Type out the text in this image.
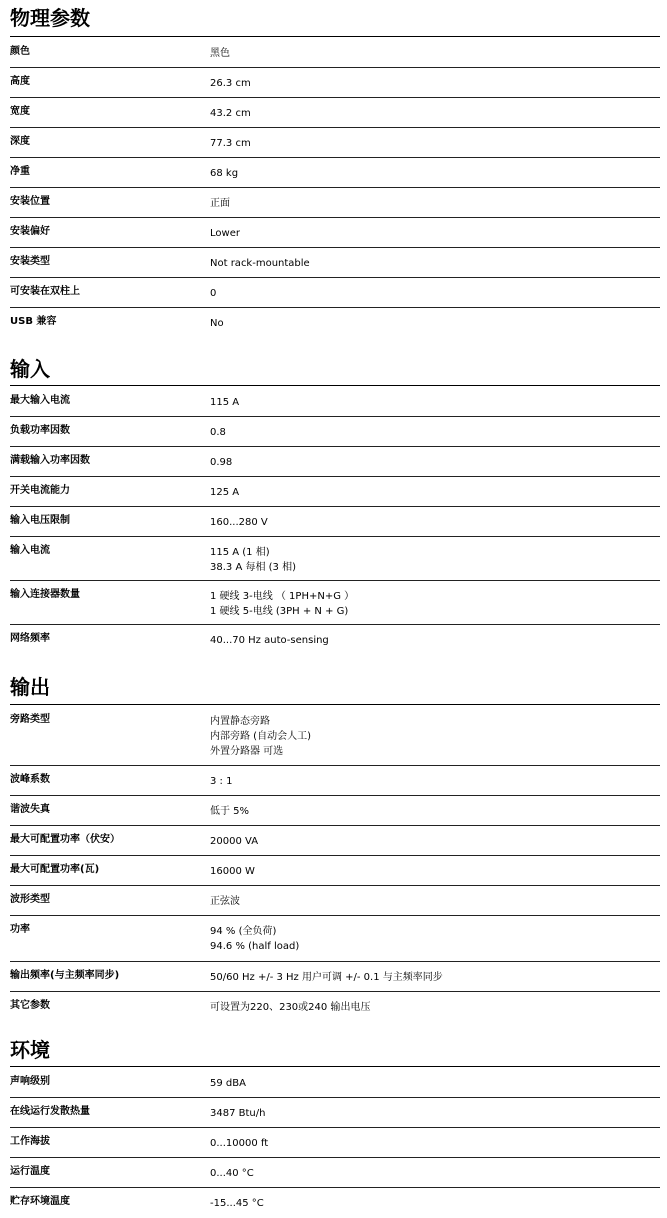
物理参数
颜色	黑色
高度	26.3 cm
宽度	43.2 cm
深度	77.3 cm
净重	68 kg
安装位置	正面
安装偏好	Lower
安装类型	Not rack-mountable
可安装在双柱上	0
USB 兼容	No
输入
最大输入电流	115 A
负载功率因数	0.8
满载输入功率因数	0.98
开关电流能力	125 A
输入电压限制	160...280 V
输入电流	115 A (1 相)
38.3 A 每相 (3 相)
输入连接器数量	1 硬线 3-电线 （ 1PH+N+G ）
1 硬线 5-电线 (3PH + N + G)
网络频率	40...70 Hz auto-sensing
输出
旁路类型	内置静态旁路
内部旁路 (自动会人工)
外置分路器 可选
波峰系数	3 : 1
谐波失真	低于 5%
最大可配置功率（伏安）	20000 VA
最大可配置功率(瓦)	16000 W
波形类型	正弦波
功率	94 % (全负荷)
94.6 % (half load)
输出频率(与主频率同步)	50/60 Hz +/- 3 Hz 用户可调 +/- 0.1 与主频率同步
其它参数	可设置为220、230或240 输出电压
环境
声响级别	59 dBA
在线运行发散热量	3487 Btu/h
工作海拔	0...10000 ft
运行温度	0...40 °C
贮存环境温度	-15...45 °C
